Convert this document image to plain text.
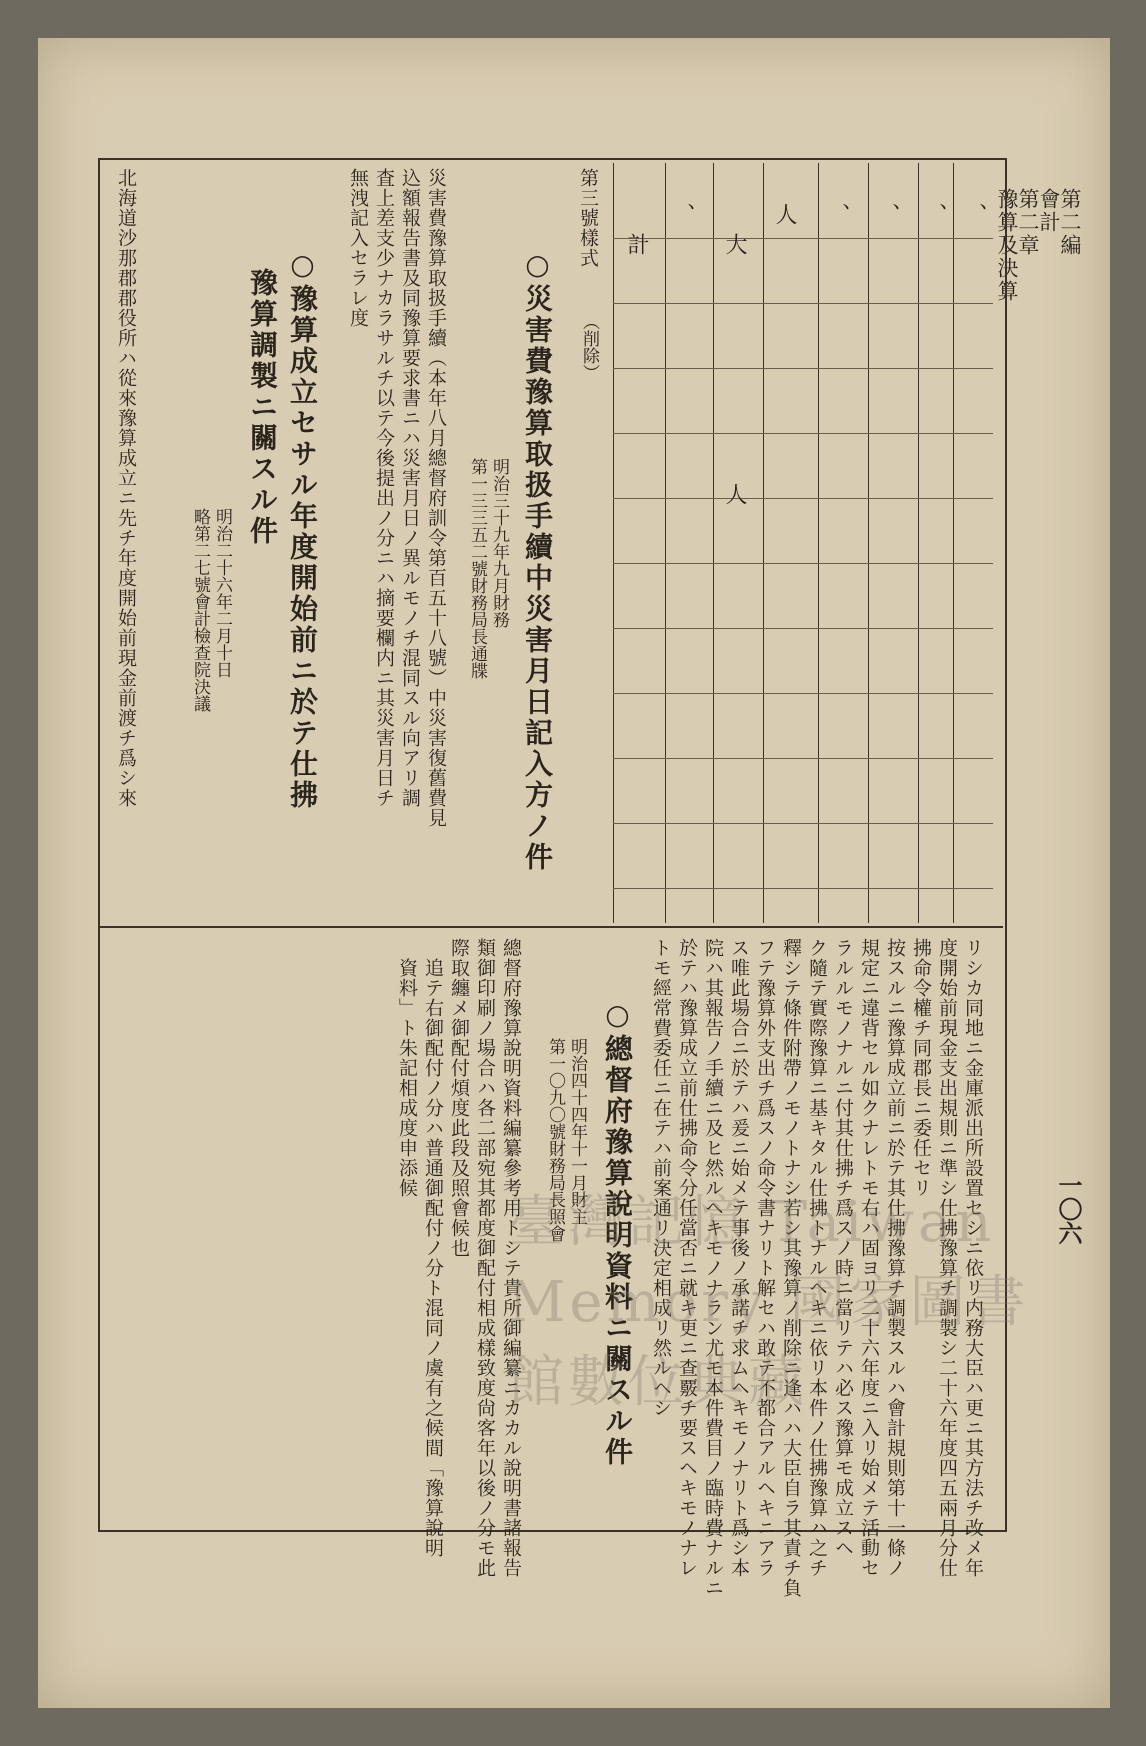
第二編
會計
第二章
豫算及決算
一〇六
、
、
、
、
人
大
人
、
計
第三號樣式
（削除）
○災害費豫算取扱手續中災害月日記入方ノ件
明治三十九年九月財務
第一三三五二號財務局長通牒
災害費豫算取扱手續（本年八月總督府訓令第百五十八號）中災害復舊費見
込額報告書及同豫算要求書ニハ災害月日ノ異ルモノチ混同スル向アリ調
査上差支少ナカラサルチ以テ今後提出ノ分ニハ摘要欄内ニ其災害月日チ
無洩記入セラレ度
○豫算成立セサル年度開始前ニ於テ仕拂
豫算調製ニ關スル件
明治二十六年二月十日
略第二七號會計檢查院決議
北海道沙那郡郡役所ハ從來豫算成立ニ先チ年度開始前現金前渡チ爲シ來
リシカ同地ニ金庫派出所設置セシニ依リ内務大臣ハ更ニ其方法チ改メ年
度開始前現金支出規則ニ準シ仕拂豫算チ調製シ二十六年度四五兩月分仕
拂命令權チ同郡長ニ委任セリ
按スルニ豫算成立前ニ於テ其仕拂豫算チ調製スルハ會計規則第十一條ノ
規定ニ違背セル如クナレトモ右ハ固ヨリ二十六年度ニ入リ始メテ活動セ
ラルルモノナルニ付其仕拂チ爲スノ時ニ當リテハ必ス豫算モ成立スヘ
ク隨テ實際豫算ニ基キタル仕拂トナルヘキニ依リ本件ノ仕拂豫算ハ之チ
釋シテ條件附帶ノモノトナシ若シ其豫算ノ削除ニ逢ハハ大臣自ラ其責チ負
フテ豫算外支出チ爲スノ命令書ナリト解セハ敢テ不都合アルヘキニアラ
ス唯此場合ニ於テハ爰ニ始メテ事後ノ承諾チ求ムヘキモノナリト爲シ本
院ハ其報告ノ手續ニ及ヒ然ルヘキモノナラン尤モ本件費目ノ臨時費ナルニ
於テハ豫算成立前仕拂命令分任當否ニ就キ更ニ查覈チ要スヘキモノナレ
トモ經常費委任ニ在テハ前案通リ決定相成リ然ルヘシ
○總督府豫算說明資料ニ關スル件
明治四十四年十一月財主
第一〇九〇號財務局長照會
總督府豫算說明資料編纂參考用トシテ貴所御編纂ニカカル說明書諸報告
類御印刷ノ場合ハ各二部宛其都度御配付相成樣致度尙客年以後ノ分モ此
際取纏メ御配付煩度此段及照會候也
追テ右御配付ノ分ハ普通御配付ノ分ト混同ノ虞有之候間「豫算說明
資料」ト朱記相成度申添候
臺灣記憶 Taiwan Memory 國家圖書館數位典藏
